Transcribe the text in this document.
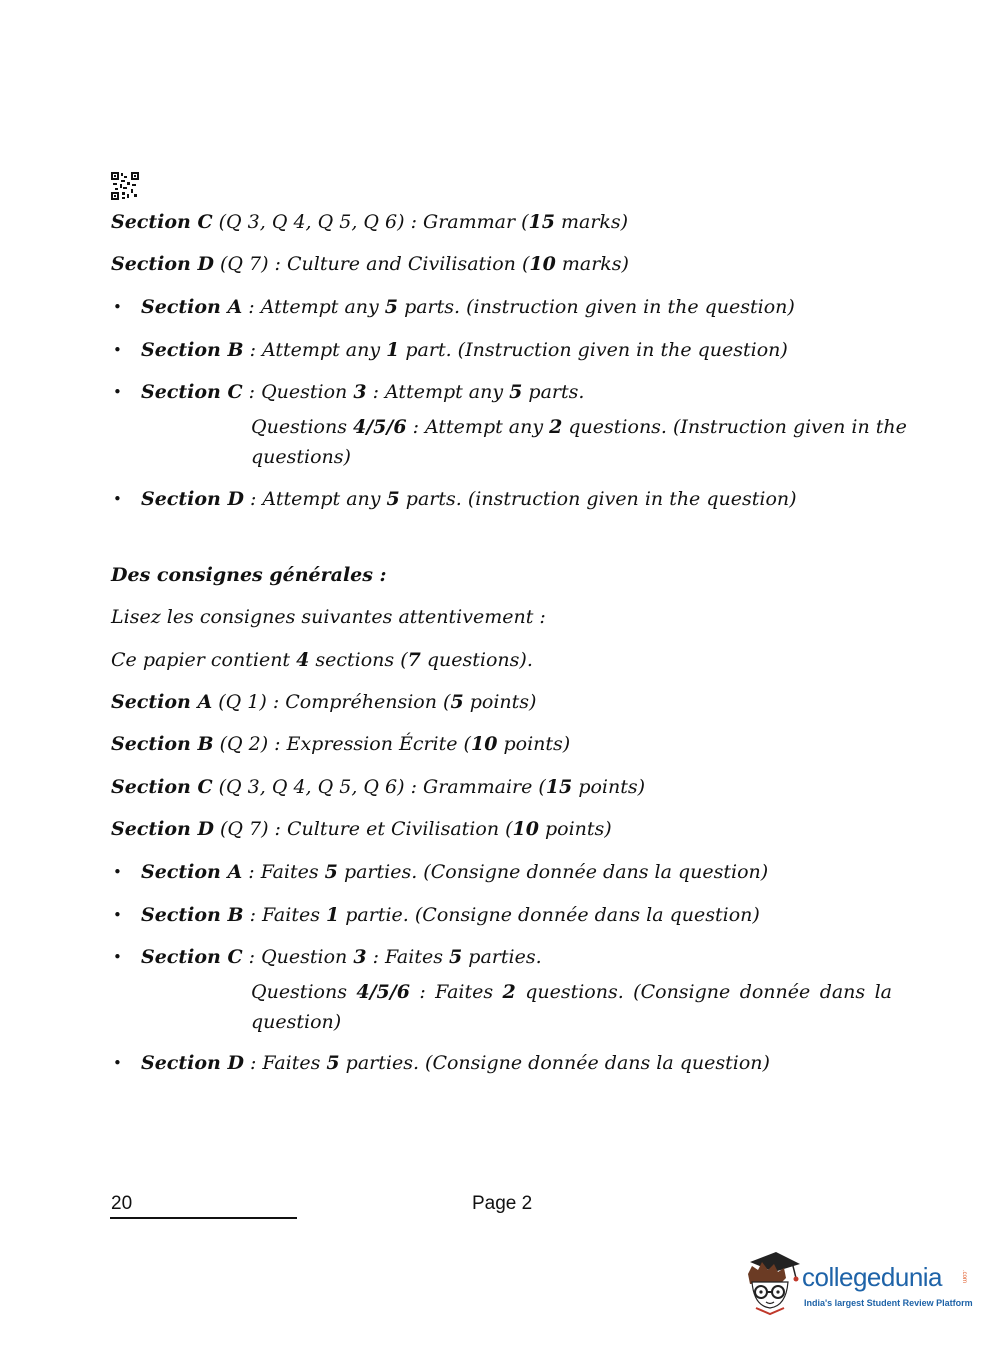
Section C (Q 3, Q 4, Q 5, Q 6) : Grammar (15 marks)
Section D (Q 7) : Culture and Civilisation (10 marks)
• Section A : Attempt any 5 parts. (instruction given in the question)
• Section B : Attempt any 1 part. (Instruction given in the question)
• Section C : Question 3 : Attempt any 5 parts.
Questions 4/5/6 : Attempt any 2 questions. (Instruction given in the
questions)
• Section D : Attempt any 5 parts. (instruction given in the question)
Des consignes générales :
Lisez les consignes suivantes attentivement :
Ce papier contient 4 sections (7 questions).
Section A (Q 1) : Compréhension (5 points)
Section B (Q 2) : Expression Écrite (10 points)
Section C (Q 3, Q 4, Q 5, Q 6) : Grammaire (15 points)
Section D (Q 7) : Culture et Civilisation (10 points)
• Section A : Faites 5 parties. (Consigne donnée dans la question)
• Section B : Faites 1 partie. (Consigne donnée dans la question)
• Section C : Question 3 : Faites 5 parties.
Questions 4/5/6 : Faites 2 questions. (Consigne donnée dans la
question)
• Section D : Faites 5 parties. (Consigne donnée dans la question)
20	Page 2
collegedunia	.com
India's largest Student Review Platform
